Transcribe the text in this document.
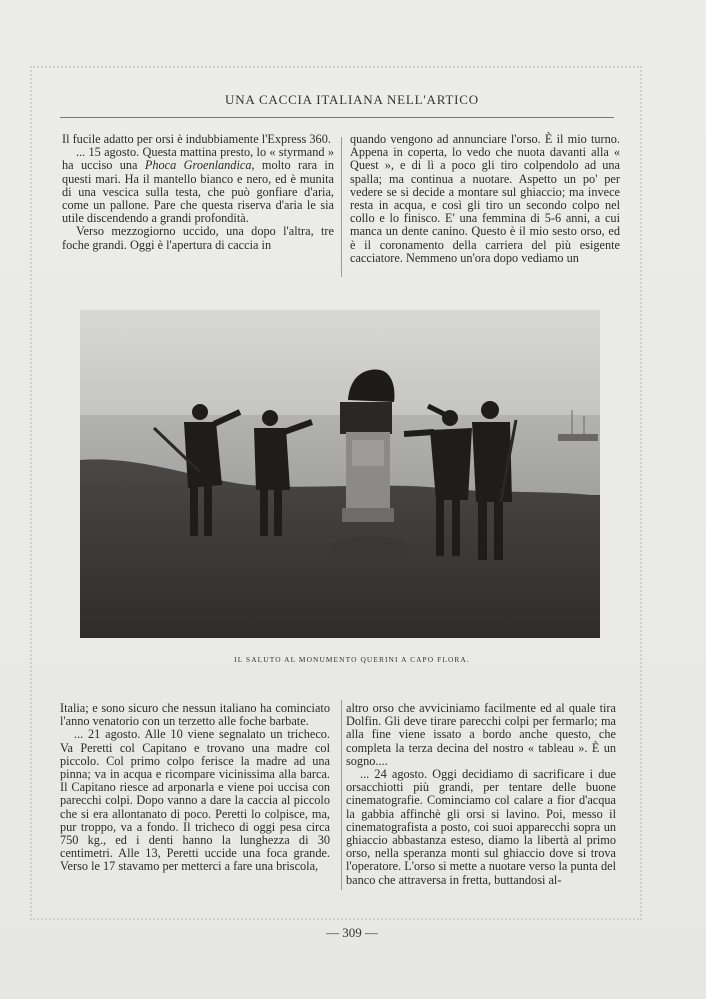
UNA CACCIA ITALIANA NELL'ARTICO

Il fucile adatto per orsi è indubbiamente l'Express 360.

... 15 agosto. Questa mattina presto, lo « styrmand » ha ucciso una Phoca Groenlandica, molto rara in questi mari. Ha il mantello bianco e nero, ed è munita di una vescica sulla testa, che può gonfiare d'aria, come un pallone. Pare che questa riserva d'aria le sia utile discendendo a grandi profondità.

Verso mezzogiorno uccido, una dopo l'altra, tre foche grandi. Oggi è l'apertura di caccia in

quando vengono ad annunciare l'orso. È il mio turno. Appena in coperta, lo vedo che nuota davanti alla « Quest », e di lì a poco gli tiro colpendolo ad una spalla; ma continua a nuotare. Aspetto un po' per vedere se si decide a montare sul ghiaccio; ma invece resta in acqua, e così gli tiro un secondo colpo nel collo e lo finisco. E' una femmina di 5-6 anni, a cui manca un dente canino. Questo è il mio sesto orso, ed è il coronamento della carriera del più esigente cacciatore. Nemmeno un'ora dopo vediamo un

IL SALUTO AL MONUMENTO QUERINI A CAPO FLORA.

Italia; e sono sicuro che nessun italiano ha cominciato l'anno venatorio con un terzetto alle foche barbate.

... 21 agosto. Alle 10 viene segnalato un tricheco. Va Peretti col Capitano e trovano una madre col piccolo. Col primo colpo ferisce la madre ad una pinna; va in acqua e ricompare vicinissima alla barca. Il Capitano riesce ad arponarla e viene poi uccisa con parecchi colpi. Dopo vanno a dare la caccia al piccolo che si era allontanato di poco. Peretti lo colpisce, ma, pur troppo, va a fondo. Il tricheco di oggi pesa circa 750 kg., ed i denti hanno la lunghezza di 30 centimetri. Alle 13, Peretti uccide una foca grande. Verso le 17 stavamo per metterci a fare una briscola,

altro orso che avviciniamo facilmente ed al quale tira Dolfin. Gli deve tirare parecchi colpi per fermarlo; ma alla fine viene issato a bordo anche questo, che completa la terza decina del nostro « tableau ». È un sogno....

... 24 agosto. Oggi decidiamo di sacrificare i due orsacchiotti più grandi, per tentare delle buone cinematografie. Cominciamo col calare a fior d'acqua la gabbia affinchè gli orsi si lavino. Poi, messo il cinematografista a posto, coi suoi apparecchi sopra un ghiaccio abbastanza esteso, diamo la libertà al primo orso, nella speranza monti sul ghiaccio dove si trova l'operatore. L'orso si mette a nuotare verso la punta del banco che attraversa in fretta, buttandosi al-

— 309 —
